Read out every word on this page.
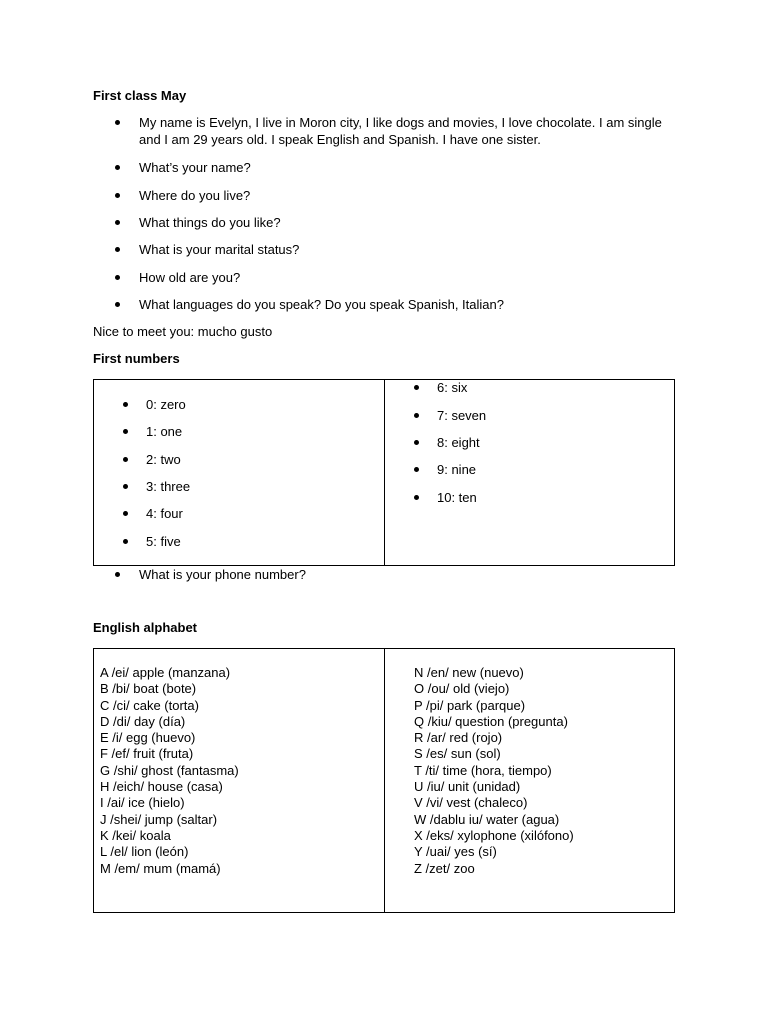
First class May
My name is Evelyn, I live in Moron city, I like dogs and movies, I love chocolate. I am single and I am 29 years old. I speak English and Spanish. I have one sister.
What’s your name?
Where do you live?
What things do you like?
What is your marital status?
How old are you?
What languages do you speak? Do you speak Spanish, Italian?
Nice to meet you: mucho gusto
First numbers
0: zero
1: one
2: two
3: three
4: four
5: five
6: six
7: seven
8: eight
9: nine
10: ten
What is your phone number?
English alphabet
A /ei/ apple (manzana)
B /bi/ boat (bote)
C /ci/ cake (torta)
D /di/ day (día)
E /i/ egg (huevo)
F /ef/ fruit (fruta)
G /shi/ ghost (fantasma)
H /eich/ house (casa)
I /ai/ ice (hielo)
J /shei/ jump (saltar)
K /kei/ koala
L /el/ lion (león)
M /em/ mum (mamá)
N /en/ new (nuevo)
O /ou/ old (viejo)
P /pi/ park (parque)
Q /kiu/ question (pregunta)
R /ar/ red (rojo)
S /es/ sun (sol)
T /ti/ time (hora, tiempo)
U /iu/ unit (unidad)
V /vi/ vest (chaleco)
W /dablu iu/ water (agua)
X /eks/ xylophone (xilófono)
Y /uai/ yes (sí)
Z /zet/ zoo
